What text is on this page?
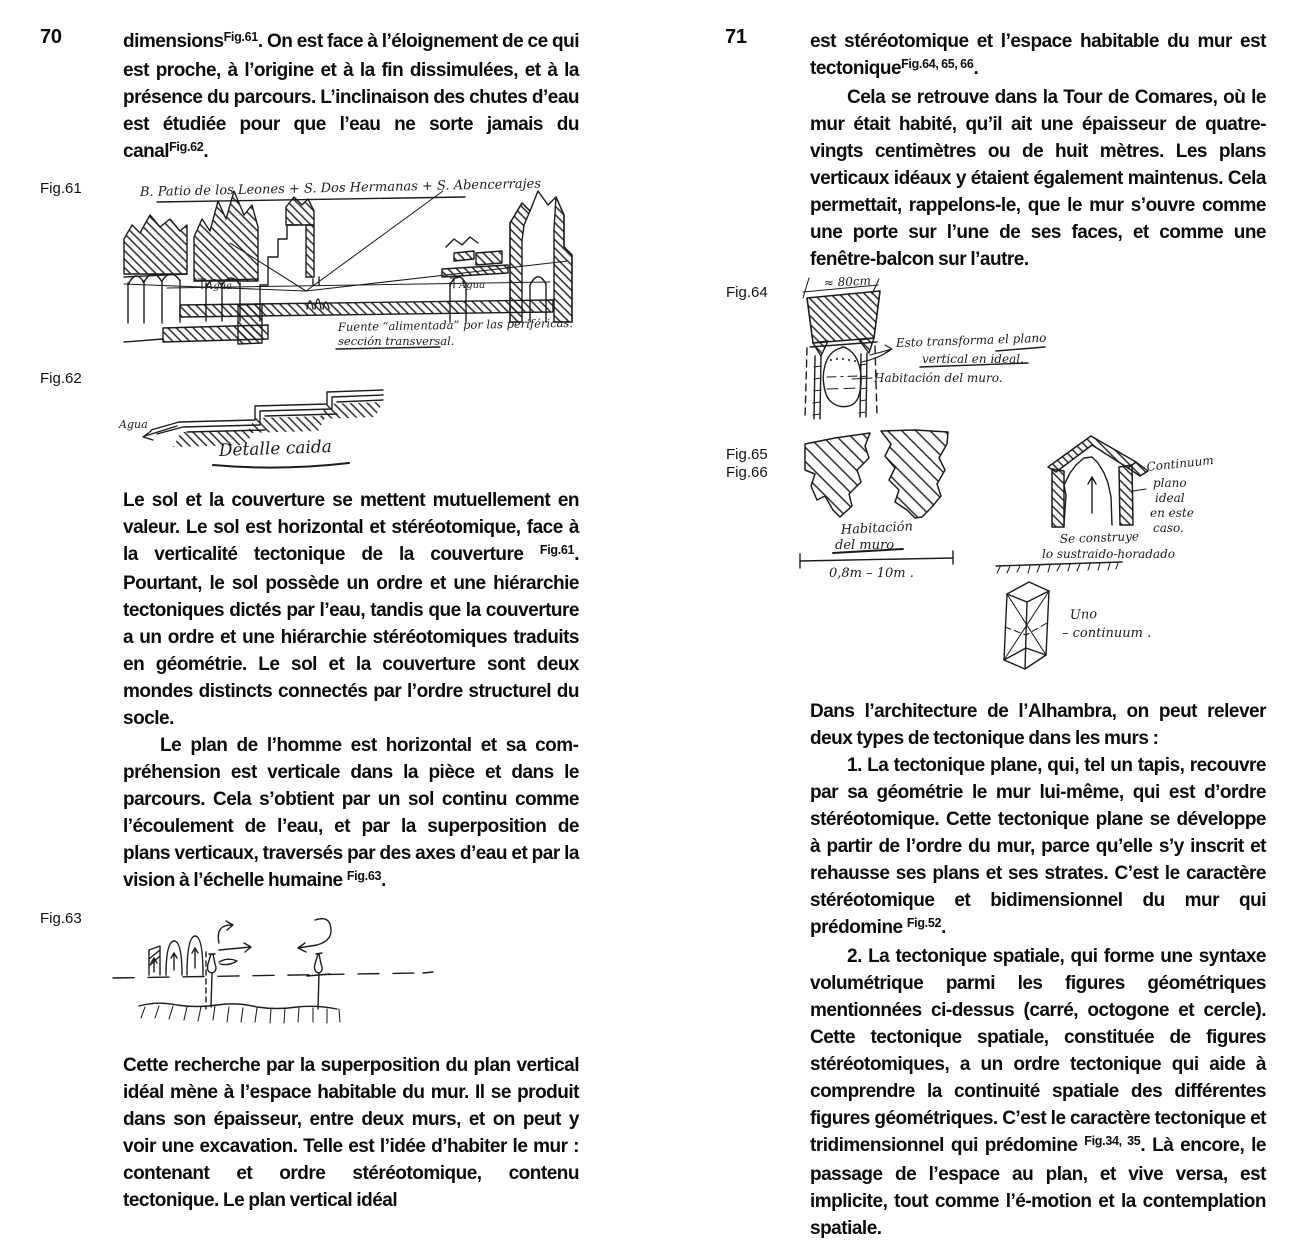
70	dimensions$^{Fig.61}$. On est face à l’éloignement de ce qui est proche, à l’origine et à la fin dissimulées, et à la présence du parcours. L’inclinaison des chutes d’eau est étudiée pour que l’eau ne sorte jamais du canal$^{Fig.62}$.

Fig.61	B. Patio de los Leones + S. Dos Hermanas + S. Abencerrajes
Agua	Agua
Fuente “alimentada” por las periféricas.
sección transversal.
Fig.62
Agua
Detalle caida

Le sol et la couverture se mettent mutuellement en valeur. Le sol est horizontal et stéréotomique, face à la verticalité tectonique de la couverture $^{Fig.61}$. Pourtant, le sol possède un ordre et une hiérarchie tectoniques dictés par l’eau, tandis que la couverture a un ordre et une hiérarchie stéréotomiques traduits en géométrie. Le sol et la couverture sont deux mondes distincts connectés par l’ordre structurel du socle.

Le plan de l’homme est horizontal et sa compréhension est verticale dans la pièce et dans le parcours. Cela s’obtient par un sol continu comme l’écoulement de l’eau, et par la superposition de plans verticaux, traversés par des axes d’eau et par la vision à l’échelle humaine $^{Fig.63}$.

Fig.63

Cette recherche par la superposition du plan vertical idéal mène à l’espace habitable du mur. Il se produit dans son épaisseur, entre deux murs, et on peut y voir une excavation. Telle est l’idée d’habiter le mur : contenant et ordre stéréotomique, contenu tectonique. Le plan vertical idéal

71	est stéréotomique et l’espace habitable du mur est tectonique$^{Fig.64, 65, 66}$.

Cela se retrouve dans la Tour de Comares, où le mur était habité, qu’il ait une épaisseur de quatre-vingts centimètres ou de huit mètres. Les plans verticaux idéaux y étaient également maintenus. Cela permettait, rappelons-le, que le mur s’ouvre comme une porte sur l’une de ses faces, et comme une fenêtre-balcon sur l’autre.

Fig.64
≈ 80cm
Esto transforma el plano
vertical en ideal.
Habitación del muro.
Fig.65
Fig.66
Habitación
del muro
0,8m – 10m .
Continuum
plano
ideal
en este
caso.
Se construye
lo sustraido-horadado
Uno
– continuum .

Dans l’architecture de l’Alhambra, on peut relever deux types de tectonique dans les murs :

1. La tectonique plane, qui, tel un tapis, recouvre par sa géométrie le mur lui-même, qui est d’ordre stéréotomique. Cette tectonique plane se développe à partir de l’ordre du mur, parce qu’elle s’y inscrit et rehausse ses plans et ses strates. C’est le caractère stéréotomique et bidimensionnel du mur qui prédomine $^{Fig.52}$.

2. La tectonique spatiale, qui forme une syntaxe volumétrique parmi les figures géométriques mentionnées ci-dessus (carré, octogone et cercle). Cette tectonique spatiale, constituée de figures stéréotomiques, a un ordre tectonique qui aide à comprendre la continuité spatiale des différentes figures géométriques. C’est le caractère tectonique et tridimensionnel qui prédomine $^{Fig.34, 35}$. Là encore, le passage de l’espace au plan, et vive versa, est implicite, tout comme l’é-motion et la contemplation spatiale.
